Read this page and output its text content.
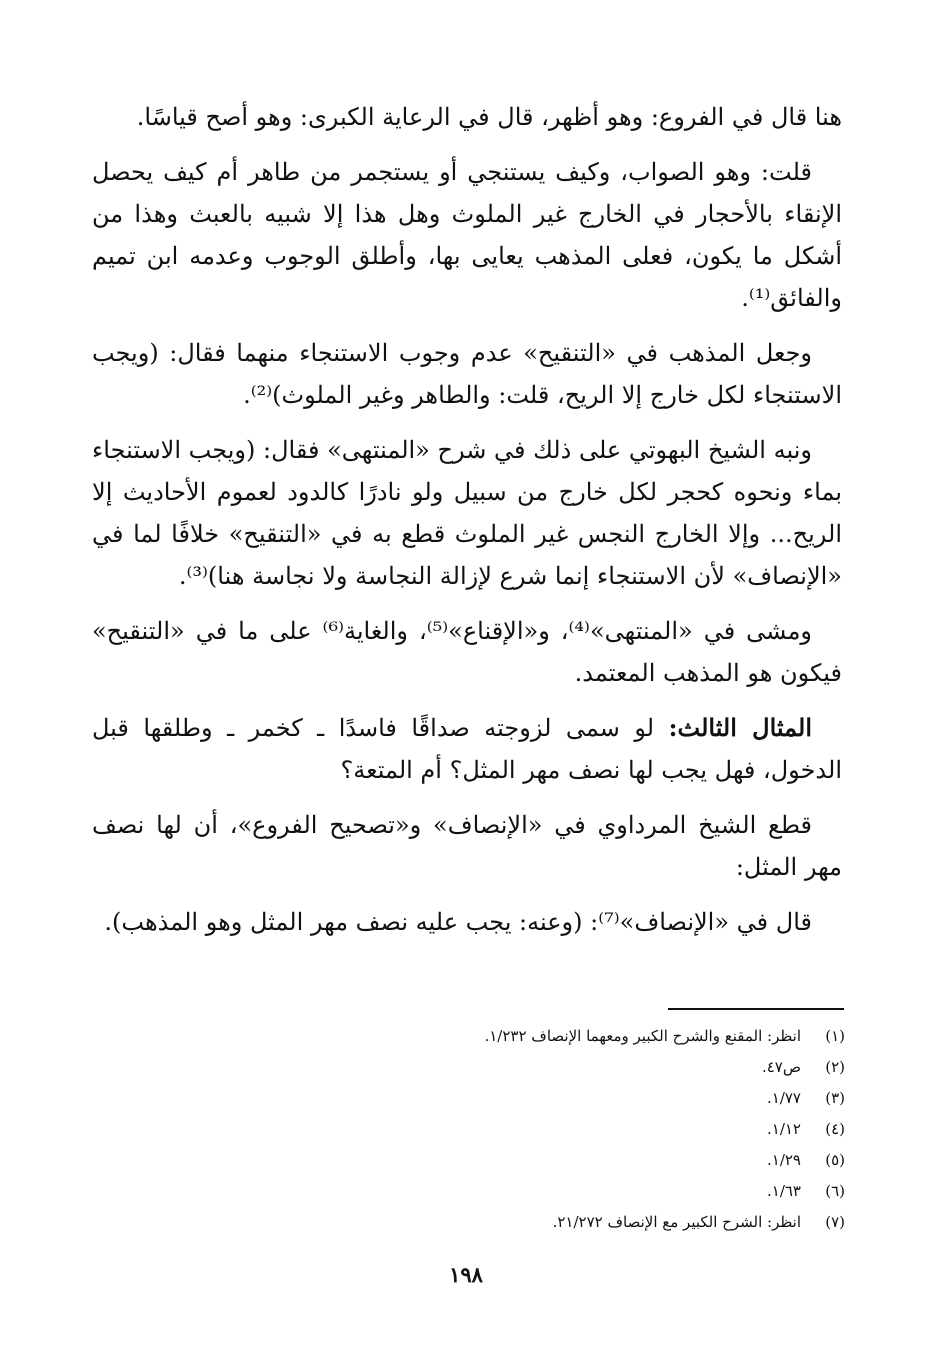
هنا قال في الفروع: وهو أظهر، قال في الرعاية الكبرى: وهو أصح قياسًا.

قلت: وهو الصواب، وكيف يستنجي أو يستجمر من طاهر أم كيف يحصل الإنقاء بالأحجار في الخارج غير الملوث وهل هذا إلا شبيه بالعبث وهذا من أشكل ما يكون، فعلى المذهب يعايى بها، وأطلق الوجوب وعدمه ابن تميم والفائق⁽¹⁾.

وجعل المذهب في «التنقيح» عدم وجوب الاستنجاء منهما فقال: (ويجب الاستنجاء لكل خارج إلا الريح، قلت: والطاهر وغير الملوث)⁽²⁾.

ونبه الشيخ البهوتي على ذلك في شرح «المنتهى» فقال: (ويجب الاستنجاء بماء ونحوه كحجر لكل خارج من سبيل ولو نادرًا كالدود لعموم الأحاديث إلا الريح... وإلا الخارج النجس غير الملوث قطع به في «التنقيح» خلافًا لما في «الإنصاف» لأن الاستنجاء إنما شرع لإزالة النجاسة ولا نجاسة هنا)⁽³⁾.

ومشى في «المنتهى»⁽⁴⁾، و«الإقناع»⁽⁵⁾، والغاية⁽⁶⁾ على ما في «التنقيح» فيكون هو المذهب المعتمد.

المثال الثالث: لو سمى لزوجته صداقًا فاسدًا ـ كخمر ـ وطلقها قبل الدخول، فهل يجب لها نصف مهر المثل؟ أم المتعة؟

قطع الشيخ المرداوي في «الإنصاف» و«تصحيح الفروع»، أن لها نصف مهر المثل:

قال في «الإنصاف»⁽⁷⁾: (وعنه: يجب عليه نصف مهر المثل وهو المذهب).

(١)
انظر: المقنع والشرح الكبير ومعهما الإنصاف ١/٢٣٢.
(٢)
ص٤٧.
(٣)
١/٧٧.
(٤)
١/١٢.
(٥)
١/٢٩.
(٦)
١/٦٣.
(٧)
انظر: الشرح الكبير مع الإنصاف ٢١/٢٧٢.
١٩٨
